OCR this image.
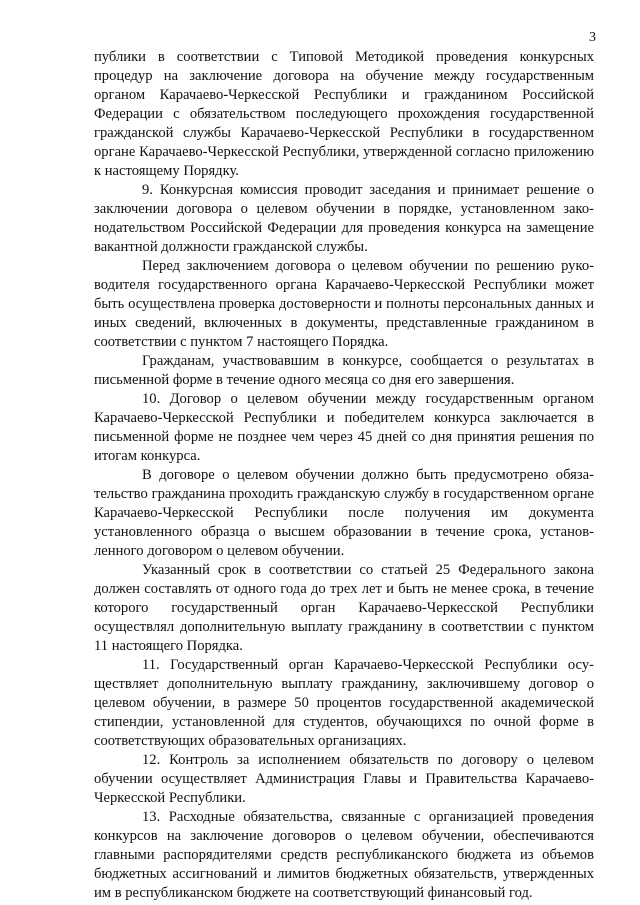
3

публики в соответствии с Типовой Методикой проведения конкурсных процедур на заключение договора на обучение между государственным органом Карачаево-Черкесской Республики и гражданином Российской Федерации с обязательством последующего прохождения государственной гражданской службы Карачаево-Черкесской Республики в государственном органе Карачаево-Черкесской Республики, утвержденной согласно приложению к настоящему Порядку.

9. Конкурсная комиссия проводит заседания и принимает решение о заключении договора о целевом обучении в порядке, установленном законодательством Российской Федерации для проведения конкурса на замещение вакантной должности гражданской службы.

Перед заключением договора о целевом обучении по решению руководителя государственного органа Карачаево-Черкесской Республики может быть осуществлена проверка достоверности и полноты персональных данных и иных сведений, включенных в документы, представленные гражданином в соответствии с пунктом 7 настоящего Порядка.

Гражданам, участвовавшим в конкурсе, сообщается о результатах в письменной форме в течение одного месяца со дня его завершения.

10. Договор о целевом обучении между государственным органом Карачаево-Черкесской Республики и победителем конкурса заключается в письменной форме не позднее чем через 45 дней со дня принятия решения по итогам конкурса.

В договоре о целевом обучении должно быть предусмотрено обязательство гражданина проходить гражданскую службу в государственном органе Карачаево-Черкесской Республики после получения им документа установленного образца о высшем образовании в течение срока, установленного договором о целевом обучении.

Указанный срок в соответствии со статьей 25 Федерального закона должен составлять от одного года до трех лет и быть не менее срока, в течение которого государственный орган Карачаево-Черкесской Республики осуществлял дополнительную выплату гражданину в соответствии с пунктом 11 настоящего Порядка.

11. Государственный орган Карачаево-Черкесской Республики осуществляет дополнительную выплату гражданину, заключившему договор о целевом обучении, в размере 50 процентов государственной академической стипендии, установленной для студентов, обучающихся по очной форме в соответствующих образовательных организациях.

12. Контроль за исполнением обязательств по договору о целевом обучении осуществляет Администрация Главы и Правительства Карачаево-Черкесской Республики.

13. Расходные обязательства, связанные с организацией проведения конкурсов на заключение договоров о целевом обучении, обеспечиваются главными распорядителями средств республиканского бюджета из объемов бюджетных ассигнований и лимитов бюджетных обязательств, утвержденных им в республиканском бюджете на соответствующий финансовый год.
